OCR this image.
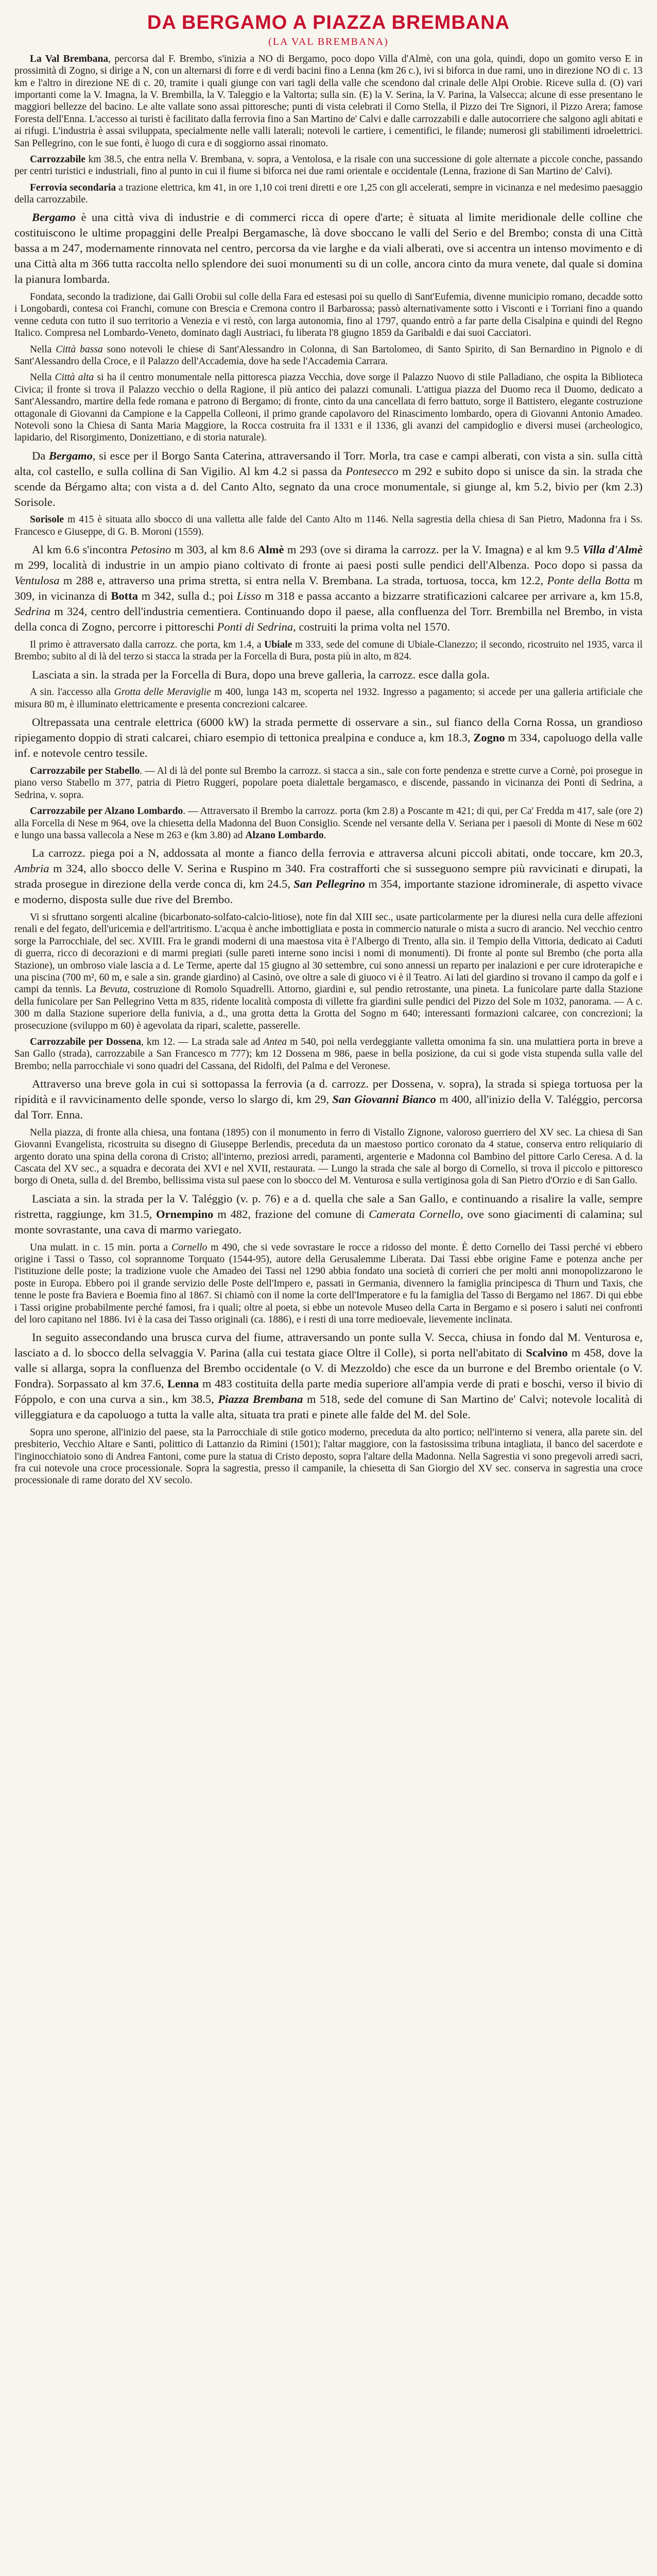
DA BERGAMO A PIAZZA BREMBANA
(LA VAL BREMBANA)

La Val Brembana, percorsa dal F. Brembo, s'inizia a NO di Bergamo, poco dopo Villa d'Almè, con una gola, quindi, dopo un gomito verso E in prossimità di Zogno, si dirige a N, con un alternarsi di forre e di verdi bacini fino a Lenna (km 26 c.), ivi si biforca in due rami, uno in direzione NO di c. 13 km e l'altro in direzione NE di c. 20, tramite i quali giunge con vari tagli della valle che scendono dal crinale delle Alpi Orobie. Riceve sulla d. (O) vari importanti come la V. Imagna, la V. Brembilla, la V. Taleggio e la Valtorta; sulla sin. (E) la V. Serina, la V. Parina, la Valsecca; alcune di esse presentano le maggiori bellezze del bacino. Le alte vallate sono assai pittoresche; punti di vista celebrati il Corno Stella, il Pizzo dei Tre Signori, il Pizzo Arera; famose Foresta dell'Enna. L'accesso ai turisti è facilitato dalla ferrovia fino a San Martino de' Calvi e dalle carrozzabili e dalle autocorriere che salgono agli abitati e ai rifugi. L'industria è assai sviluppata, specialmente nelle valli laterali; notevoli le cartiere, i cementifici, le filande; numerosi gli stabilimenti idroelettrici. San Pellegrino, con le sue fonti, è luogo di cura e di soggiorno assai rinomato.

Carrozzabile km 38.5, che entra nella V. Brembana, v. sopra, a Ventolosa, e la risale con una successione di gole alternate a piccole conche, passando per centri turistici e industriali, fino al punto in cui il fiume si biforca nei due rami orientale e occidentale (Lenna, frazione di San Martino de' Calvi).

Ferrovia secondaria a trazione elettrica, km 41, in ore 1,10 coi treni diretti e ore 1,25 con gli accelerati, sempre in vicinanza e nel medesimo paesaggio della carrozzabile.

Bergamo è una città viva di industrie e di commerci ricca di opere d'arte; è situata al limite meridionale delle colline che costituiscono le ultime propaggini delle Prealpi Bergamasche, là dove sboccano le valli del Serio e del Brembo; consta di una Città bassa a m 247, modernamente rinnovata nel centro, percorsa da vie larghe e da viali alberati, ove si accentra un intenso movimento e di una Città alta m 366 tutta raccolta nello splendore dei suoi monumenti su di un colle, ancora cinto da mura venete, dal quale si domina la pianura lombarda.

Fondata, secondo la tradizione, dai Galli Orobii sul colle della Fara ed estesasi poi su quello di Sant'Eufemia, divenne municipio romano, decadde sotto i Longobardi, contesa coi Franchi, comune con Brescia e Cremona contro il Barbarossa; passò alternativamente sotto i Visconti e i Torriani fino a quando venne ceduta con tutto il suo territorio a Venezia e vi restò, con larga autonomia, fino al 1797, quando entrò a far parte della Cisalpina e quindi del Regno Italico. Compresa nel Lombardo-Veneto, dominato dagli Austriaci, fu liberata l'8 giugno 1859 da Garibaldi e dai suoi Cacciatori.

Nella Città bassa sono notevoli le chiese di Sant'Alessandro in Colonna, di San Bartolomeo, di Santo Spirito, di San Bernardino in Pignolo e di Sant'Alessandro della Croce, e il Palazzo dell'Accademia, dove ha sede l'Accademia Carrara.

Nella Città alta si ha il centro monumentale nella pittoresca piazza Vecchia, dove sorge il Palazzo Nuovo di stile Palladiano, che ospita la Biblioteca Civica; il fronte si trova il Palazzo vecchio o della Ragione, il più antico dei palazzi comunali. L'attigua piazza del Duomo reca il Duomo, dedicato a Sant'Alessandro, martire della fede romana e patrono di Bergamo; di fronte, cinto da una cancellata di ferro battuto, sorge il Battistero, elegante costruzione ottagonale di Giovanni da Campione e la Cappella Colleoni, il primo grande capolavoro del Rinascimento lombardo, opera di Giovanni Antonio Amadeo. Notevoli sono la Chiesa di Santa Maria Maggiore, la Rocca costruita fra il 1331 e il 1336, gli avanzi del campidoglio e diversi musei (archeologico, lapidario, del Risorgimento, Donizettiano, e di storia naturale).

Da Bergamo, si esce per il Borgo Santa Caterina, attraversando il Torr. Morla, tra case e campi alberati, con vista a sin. sulla città alta, col castello, e sulla collina di San Vigilio. Al km 4.2 si passa da Pontesecco m 292 e subito dopo si unisce da sin. la strada che scende da Bérgamo alta; con vista a d. del Canto Alto, segnato da una croce monumentale, si giunge al, km 5.2, bivio per (km 2.3) Sorisole.

Sorisole m 415 è situata allo sbocco di una valletta alle falde del Canto Alto m 1146. Nella sagrestia della chiesa di San Pietro, Madonna fra i Ss. Francesco e Giuseppe, di G. B. Moroni (1559).

Al km 6.6 s'incontra Petosino m 303, al km 8.6 Almè m 293 (ove si dirama la carrozz. per la V. Imagna) e al km 9.5 Villa d'Almè m 299, località di industrie in un ampio piano coltivato di fronte ai paesi posti sulle pendici dell'Albenza. Poco dopo si passa da Ventulosa m 288 e, attraverso una prima stretta, si entra nella V. Brembana. La strada, tortuosa, tocca, km 12.2, Ponte della Botta m 309, in vicinanza di Botta m 342, sulla d.; poi Lisso m 318 e passa accanto a bizzarre stratificazioni calcaree per arrivare a, km 15.8, Sedrina m 324, centro dell'industria cementiera. Continuando dopo il paese, alla confluenza del Torr. Brembilla nel Brembo, in vista della conca di Zogno, percorre i pittoreschi Ponti di Sedrina, costruiti la prima volta nel 1570.

Il primo è attraversato dalla carrozz. che porta, km 1.4, a Ubiale m 333, sede del comune di Ubiale-Clanezzo; il secondo, ricostruito nel 1935, varca il Brembo; subito al di là del terzo si stacca la strada per la Forcella di Bura, posta più in alto, m 824.

Lasciata a sin. la strada per la Forcella di Bura, dopo una breve galleria, la carrozz. esce dalla gola.

A sin. l'accesso alla Grotta delle Meraviglie m 400, lunga 143 m, scoperta nel 1932. Ingresso a pagamento; si accede per una galleria artificiale che misura 80 m, è illuminato elettricamente e presenta concrezioni calcaree.

Oltrepassata una centrale elettrica (6000 kW) la strada permette di osservare a sin., sul fianco della Corna Rossa, un grandioso ripiegamento doppio di strati calcarei, chiaro esempio di tettonica prealpina e conduce a, km 18.3, Zogno m 334, capoluogo della valle inf. e notevole centro tessile.

Carrozzabile per Stabello. — Al di là del ponte sul Brembo la carrozz. si stacca a sin., sale con forte pendenza e strette curve a Cornè, poi prosegue in piano verso Stabello m 377, patria di Pietro Ruggeri, popolare poeta dialettale bergamasco, e discende, passando in vicinanza dei Ponti di Sedrina, a Sedrina, v. sopra.

Carrozzabile per Alzano Lombardo. — Attraversato il Brembo la carrozz. porta (km 2.8) a Poscante m 421; di qui, per Ca' Fredda m 417, sale (ore 2) alla Forcella di Nese m 964, ove la chiesetta della Madonna del Buon Consiglio. Scende nel versante della V. Seriana per i paesoli di Monte di Nese m 602 e lungo una bassa vallecola a Nese m 263 e (km 3.80) ad Alzano Lombardo.

La carrozz. piega poi a N, addossata al monte a fianco della ferrovia e attraversa alcuni piccoli abitati, onde toccare, km 20.3, Ambria m 324, allo sbocco delle V. Serina e Ruspino m 340. Fra costrafforti che si susseguono sempre più ravvicinati e dirupati, la strada prosegue in direzione della verde conca di, km 24.5, San Pellegrino m 354, importante stazione idrominerale, di aspetto vivace e moderno, disposta sulle due rive del Brembo.

Vi si sfruttano sorgenti alcaline (bicarbonato-solfato-calcio-litiose), note fin dal XIII sec., usate particolarmente per la diuresi nella cura delle affezioni renali e del fegato, dell'uricemia e dell'artritismo. L'acqua è anche imbottigliata e posta in commercio naturale o mista a sucro di arancio. Nel vecchio centro sorge la Parrocchiale, del sec. XVIII. Fra le grandi moderni di una maestosa vita è l'Albergo di Trento, alla sin. il Tempio della Vittoria, dedicato ai Caduti di guerra, ricco di decorazioni e di marmi pregiati (sulle pareti interne sono incisi i nomi di monumenti). Di fronte al ponte sul Brembo (che porta alla Stazione), un ombroso viale lascia a d. Le Terme, aperte dal 15 giugno al 30 settembre, cui sono annessi un reparto per inalazioni e per cure idroterapiche e una piscina (700 m², 60 m, e sale a sin. grande giardino) al Casinò, ove oltre a sale di giuoco vi è il Teatro. Ai lati del giardino si trovano il campo da golf e i campi da tennis. La Bevuta, costruzione di Romolo Squadrelli. Attorno, giardini e, sul pendio retrostante, una pineta. La funicolare parte dalla Stazione della funicolare per San Pellegrino Vetta m 835, ridente località composta di villette fra giardini sulle pendici del Pizzo del Sole m 1032, panorama. — A c. 300 m dalla Stazione superiore della funivia, a d., una grotta detta la Grotta del Sogno m 640; interessanti formazioni calcaree, con concrezioni; la prosecuzione (sviluppo m 60) è agevolata da ripari, scalette, passerelle.

Carrozzabile per Dossena, km 12. — La strada sale ad Antea m 540, poi nella verdeggiante valletta omonima fa sin. una mulattiera porta in breve a San Gallo (strada), carrozzabile a San Francesco m 777); km 12 Dossena m 986, paese in bella posizione, da cui si gode vista stupenda sulla valle del Brembo; nella parrocchiale vi sono quadri del Cassana, del Ridolfi, del Palma e del Veronese.

Attraverso una breve gola in cui si sottopassa la ferrovia (a d. carrozz. per Dossena, v. sopra), la strada si spiega tortuosa per la ripidità e il ravvicinamento delle sponde, verso lo slargo di, km 29, San Giovanni Bianco m 400, all'inizio della V. Taléggio, percorsa dal Torr. Enna.

Nella piazza, di fronte alla chiesa, una fontana (1895) con il monumento in ferro di Vistallo Zignone, valoroso guerriero del XV sec. La chiesa di San Giovanni Evangelista, ricostruita su disegno di Giuseppe Berlendis, preceduta da un maestoso portico coronato da 4 statue, conserva entro reliquiario di argento dorato una spina della corona di Cristo; all'interno, preziosi arredi, paramenti, argenterie e Madonna col Bambino del pittore Carlo Ceresa. A d. la Cascata del XV sec., a squadra e decorata dei XVI e nel XVII, restaurata. — Lungo la strada che sale al borgo di Cornello, si trova il piccolo e pittoresco borgo di Oneta, sulla d. del Brembo, bellissima vista sul paese con lo sbocco del M. Venturosa e sulla vertiginosa gola di San Pietro d'Orzio e di San Gallo.

Lasciata a sin. la strada per la V. Taléggio (v. p. 76) e a d. quella che sale a San Gallo, e continuando a risalire la valle, sempre ristretta, raggiunge, km 31.5, Ornempino m 482, frazione del comune di Camerata Cornello, ove sono giacimenti di calamina; sul monte sovrastante, una cava di marmo variegato.

Una mulatt. in c. 15 min. porta a Cornello m 490, che si vede sovrastare le rocce a ridosso del monte. È detto Cornello dei Tassi perché vi ebbero origine i Tassi o Tasso, col soprannome Torquato (1544-95), autore della Gerusalemme Liberata. Dai Tassi ebbe origine Fame e potenza anche per l'istituzione delle poste; la tradizione vuole che Amadeo dei Tassi nel 1290 abbia fondato una società di corrieri che per molti anni monopolizzarono le poste in Europa. Ebbero poi il grande servizio delle Poste dell'Impero e, passati in Germania, divennero la famiglia principesca di Thurn und Taxis, che tenne le poste fra Baviera e Boemia fino al 1867. Si chiamò con il nome la corte dell'Imperatore e fu la famiglia del Tasso di Bergamo nel 1867. Di qui ebbe i Tassi origine probabilmente perché famosi, fra i quali; oltre al poeta, si ebbe un notevole Museo della Carta in Bergamo e si posero i saluti nei confronti del loro capitano nel 1886. Ivi è la casa dei Tasso originali (ca. 1886), e i resti di una torre medioevale, lievemente inclinata.

In seguito assecondando una brusca curva del fiume, attraversando un ponte sulla V. Secca, chiusa in fondo dal M. Venturosa e, lasciato a d. lo sbocco della selvaggia V. Parina (alla cui testata giace Oltre il Colle), si porta nell'abitato di Scalvino m 458, dove la valle si allarga, sopra la confluenza del Brembo occidentale (o V. di Mezzoldo) che esce da un burrone e del Brembo orientale (o V. Fondra). Sorpassato al km 37.6, Lenna m 483 costituita della parte media superiore all'ampia verde di prati e boschi, verso il bivio di Fóppolo, e con una curva a sin., km 38.5, Piazza Brembana m 518, sede del comune di San Martino de' Calvi; notevole località di villeggiatura e da capoluogo a tutta la valle alta, situata tra prati e pinete alle falde del M. del Sole.

Sopra uno sperone, all'inizio del paese, sta la Parrocchiale di stile gotico moderno, preceduta da alto portico; nell'interno si venera, alla parete sin. del presbiterio, Vecchio Altare e Santi, polittico di Lattanzio da Rimini (1501); l'altar maggiore, con la fastosissima tribuna intagliata, il banco del sacerdote e l'inginocchiatoio sono di Andrea Fantoni, come pure la statua di Cristo deposto, sopra l'altare della Madonna. Nella Sagrestia vi sono pregevoli arredi sacri, fra cui notevole una croce processionale. Sopra la sagrestia, presso il campanile, la chiesetta di San Giorgio del XV sec. conserva in sagrestia una croce processionale di rame dorato del XV secolo.
